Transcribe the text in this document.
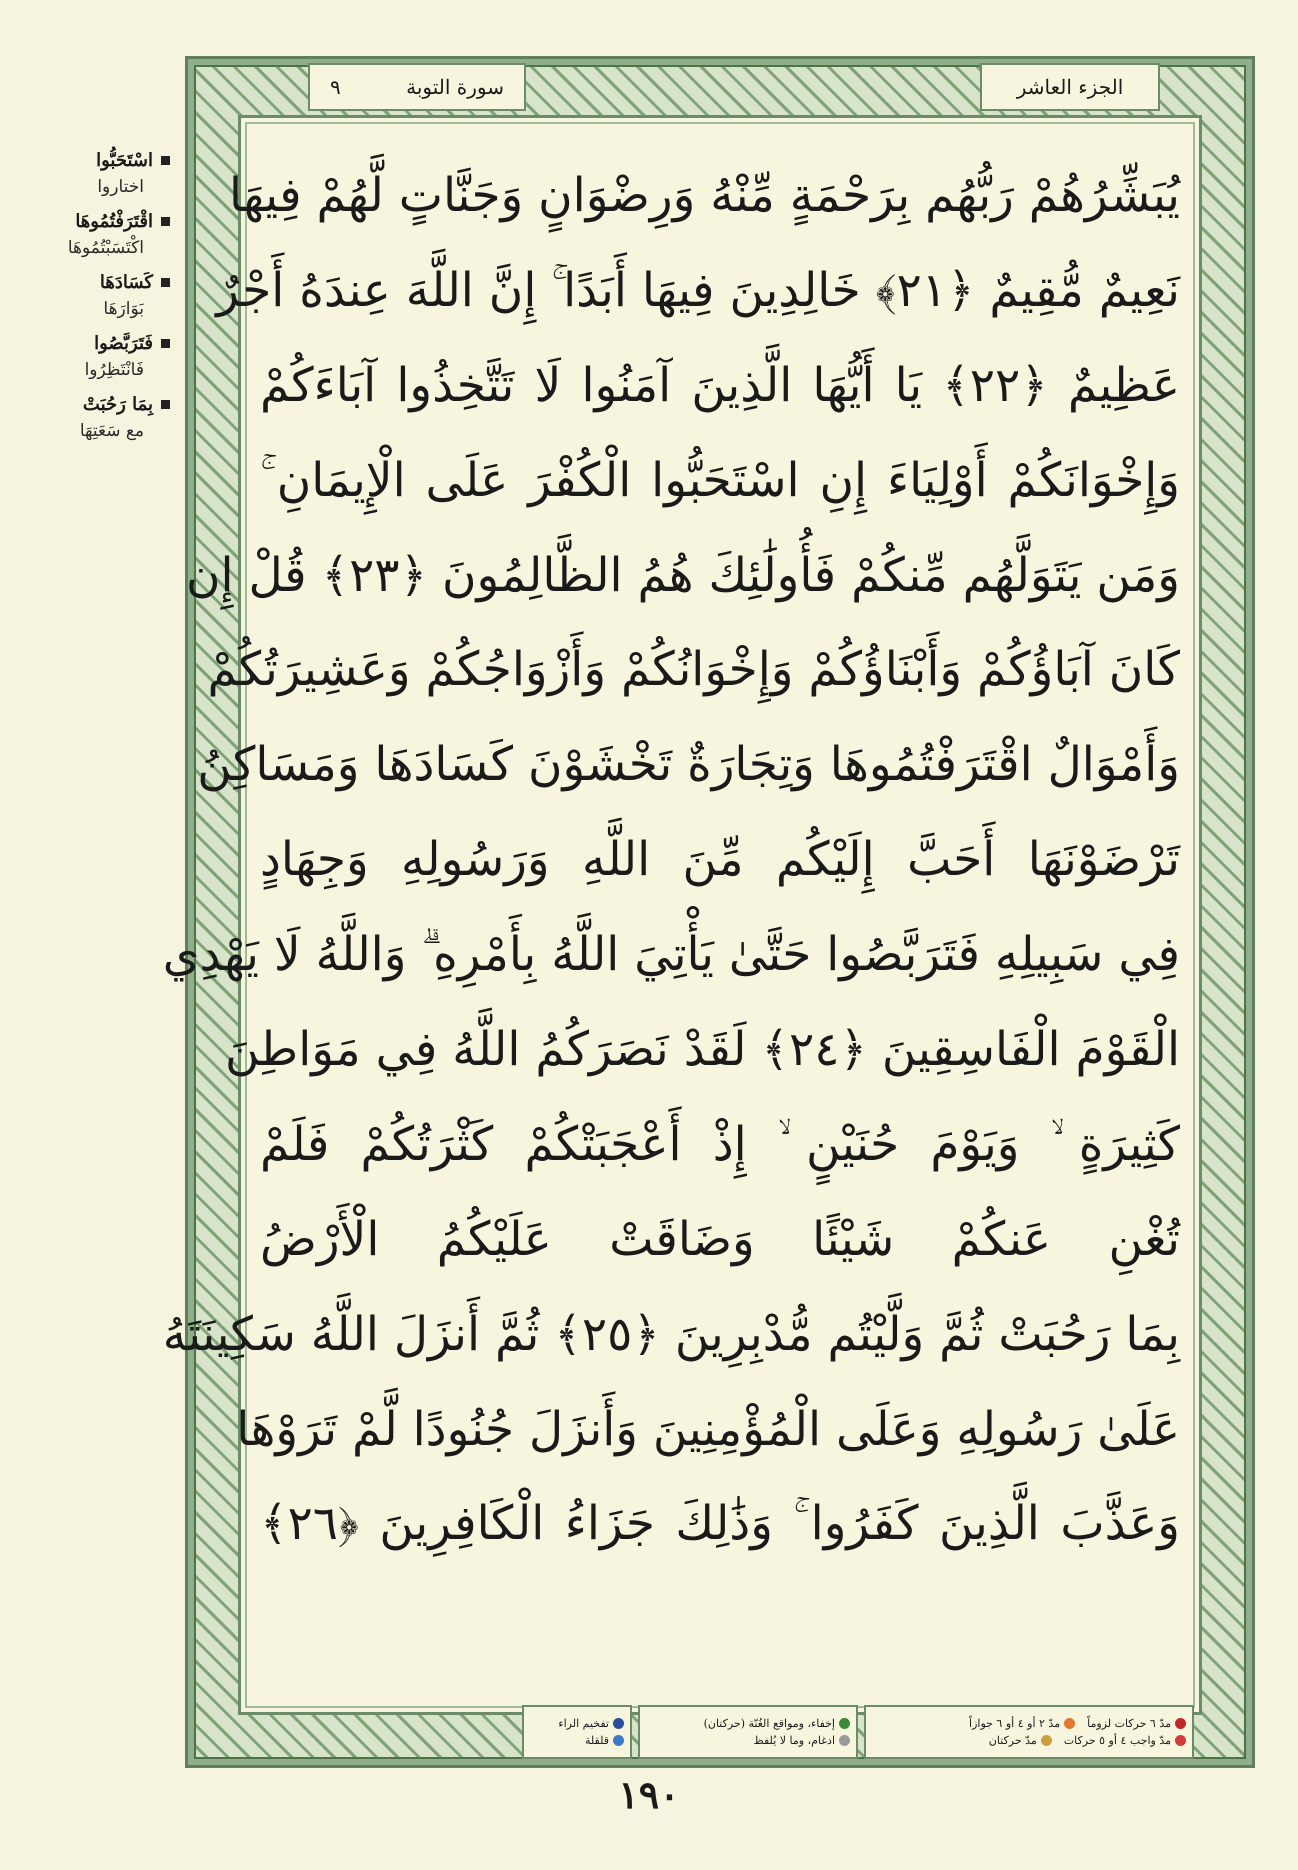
اسْتَحَبُّوا
اختاروا
اقْتَرَفْتُمُوهَا
اكْتَسَبْتُمُوهَا
كَسَادَهَا
بَوَارَهَا
فَتَرَبَّصُوا
فَانْتَظِرُوا
بِمَا رَحُبَتْ
مع سَعَتِهَا
الجزء العاشر
سورة التوبة
٩
يُبَشِّرُهُمْ رَبُّهُم بِرَحْمَةٍ مِّنْهُ وَرِضْوَانٍ وَجَنَّاتٍ لَّهُمْ فِيهَا
نَعِيمٌ مُّقِيمٌ ﴿٢١﴾ خَالِدِينَ فِيهَا أَبَدًا ۚ إِنَّ اللَّهَ عِندَهُ أَجْرٌ
عَظِيمٌ ﴿٢٢﴾ يَا أَيُّهَا الَّذِينَ آمَنُوا لَا تَتَّخِذُوا آبَاءَكُمْ
وَإِخْوَانَكُمْ أَوْلِيَاءَ إِنِ اسْتَحَبُّوا الْكُفْرَ عَلَى الْإِيمَانِ ۚ
وَمَن يَتَوَلَّهُم مِّنكُمْ فَأُولَٰئِكَ هُمُ الظَّالِمُونَ ﴿٢٣﴾ قُلْ إِن
كَانَ آبَاؤُكُمْ وَأَبْنَاؤُكُمْ وَإِخْوَانُكُمْ وَأَزْوَاجُكُمْ وَعَشِيرَتُكُمْ
وَأَمْوَالٌ اقْتَرَفْتُمُوهَا وَتِجَارَةٌ تَخْشَوْنَ كَسَادَهَا وَمَسَاكِنُ
تَرْضَوْنَهَا أَحَبَّ إِلَيْكُم مِّنَ اللَّهِ وَرَسُولِهِ وَجِهَادٍ
فِي سَبِيلِهِ فَتَرَبَّصُوا حَتَّىٰ يَأْتِيَ اللَّهُ بِأَمْرِهِ ۗ وَاللَّهُ لَا يَهْدِي
الْقَوْمَ الْفَاسِقِينَ ﴿٢٤﴾ لَقَدْ نَصَرَكُمُ اللَّهُ فِي مَوَاطِنَ
كَثِيرَةٍ ۙ وَيَوْمَ حُنَيْنٍ ۙ إِذْ أَعْجَبَتْكُمْ كَثْرَتُكُمْ فَلَمْ
تُغْنِ عَنكُمْ شَيْئًا وَضَاقَتْ عَلَيْكُمُ الْأَرْضُ
بِمَا رَحُبَتْ ثُمَّ وَلَّيْتُم مُّدْبِرِينَ ﴿٢٥﴾ ثُمَّ أَنزَلَ اللَّهُ سَكِينَتَهُ
عَلَىٰ رَسُولِهِ وَعَلَى الْمُؤْمِنِينَ وَأَنزَلَ جُنُودًا لَّمْ تَرَوْهَا
وَعَذَّبَ الَّذِينَ كَفَرُوا ۚ وَذَٰلِكَ جَزَاءُ الْكَافِرِينَ ﴿٢٦﴾
مدّ ٦ حركات لزوماً
مدّ ٢ أو ٤ أو ٦ جوازاً
مدّ واجب ٤ أو ٥ حركات
مدّ حركتان
إخفاء، ومواقع الغُنّة (حركتان)
ادغام، وما لا يُلفظ
تفخيم الراء
قلقلة
١٩٠
